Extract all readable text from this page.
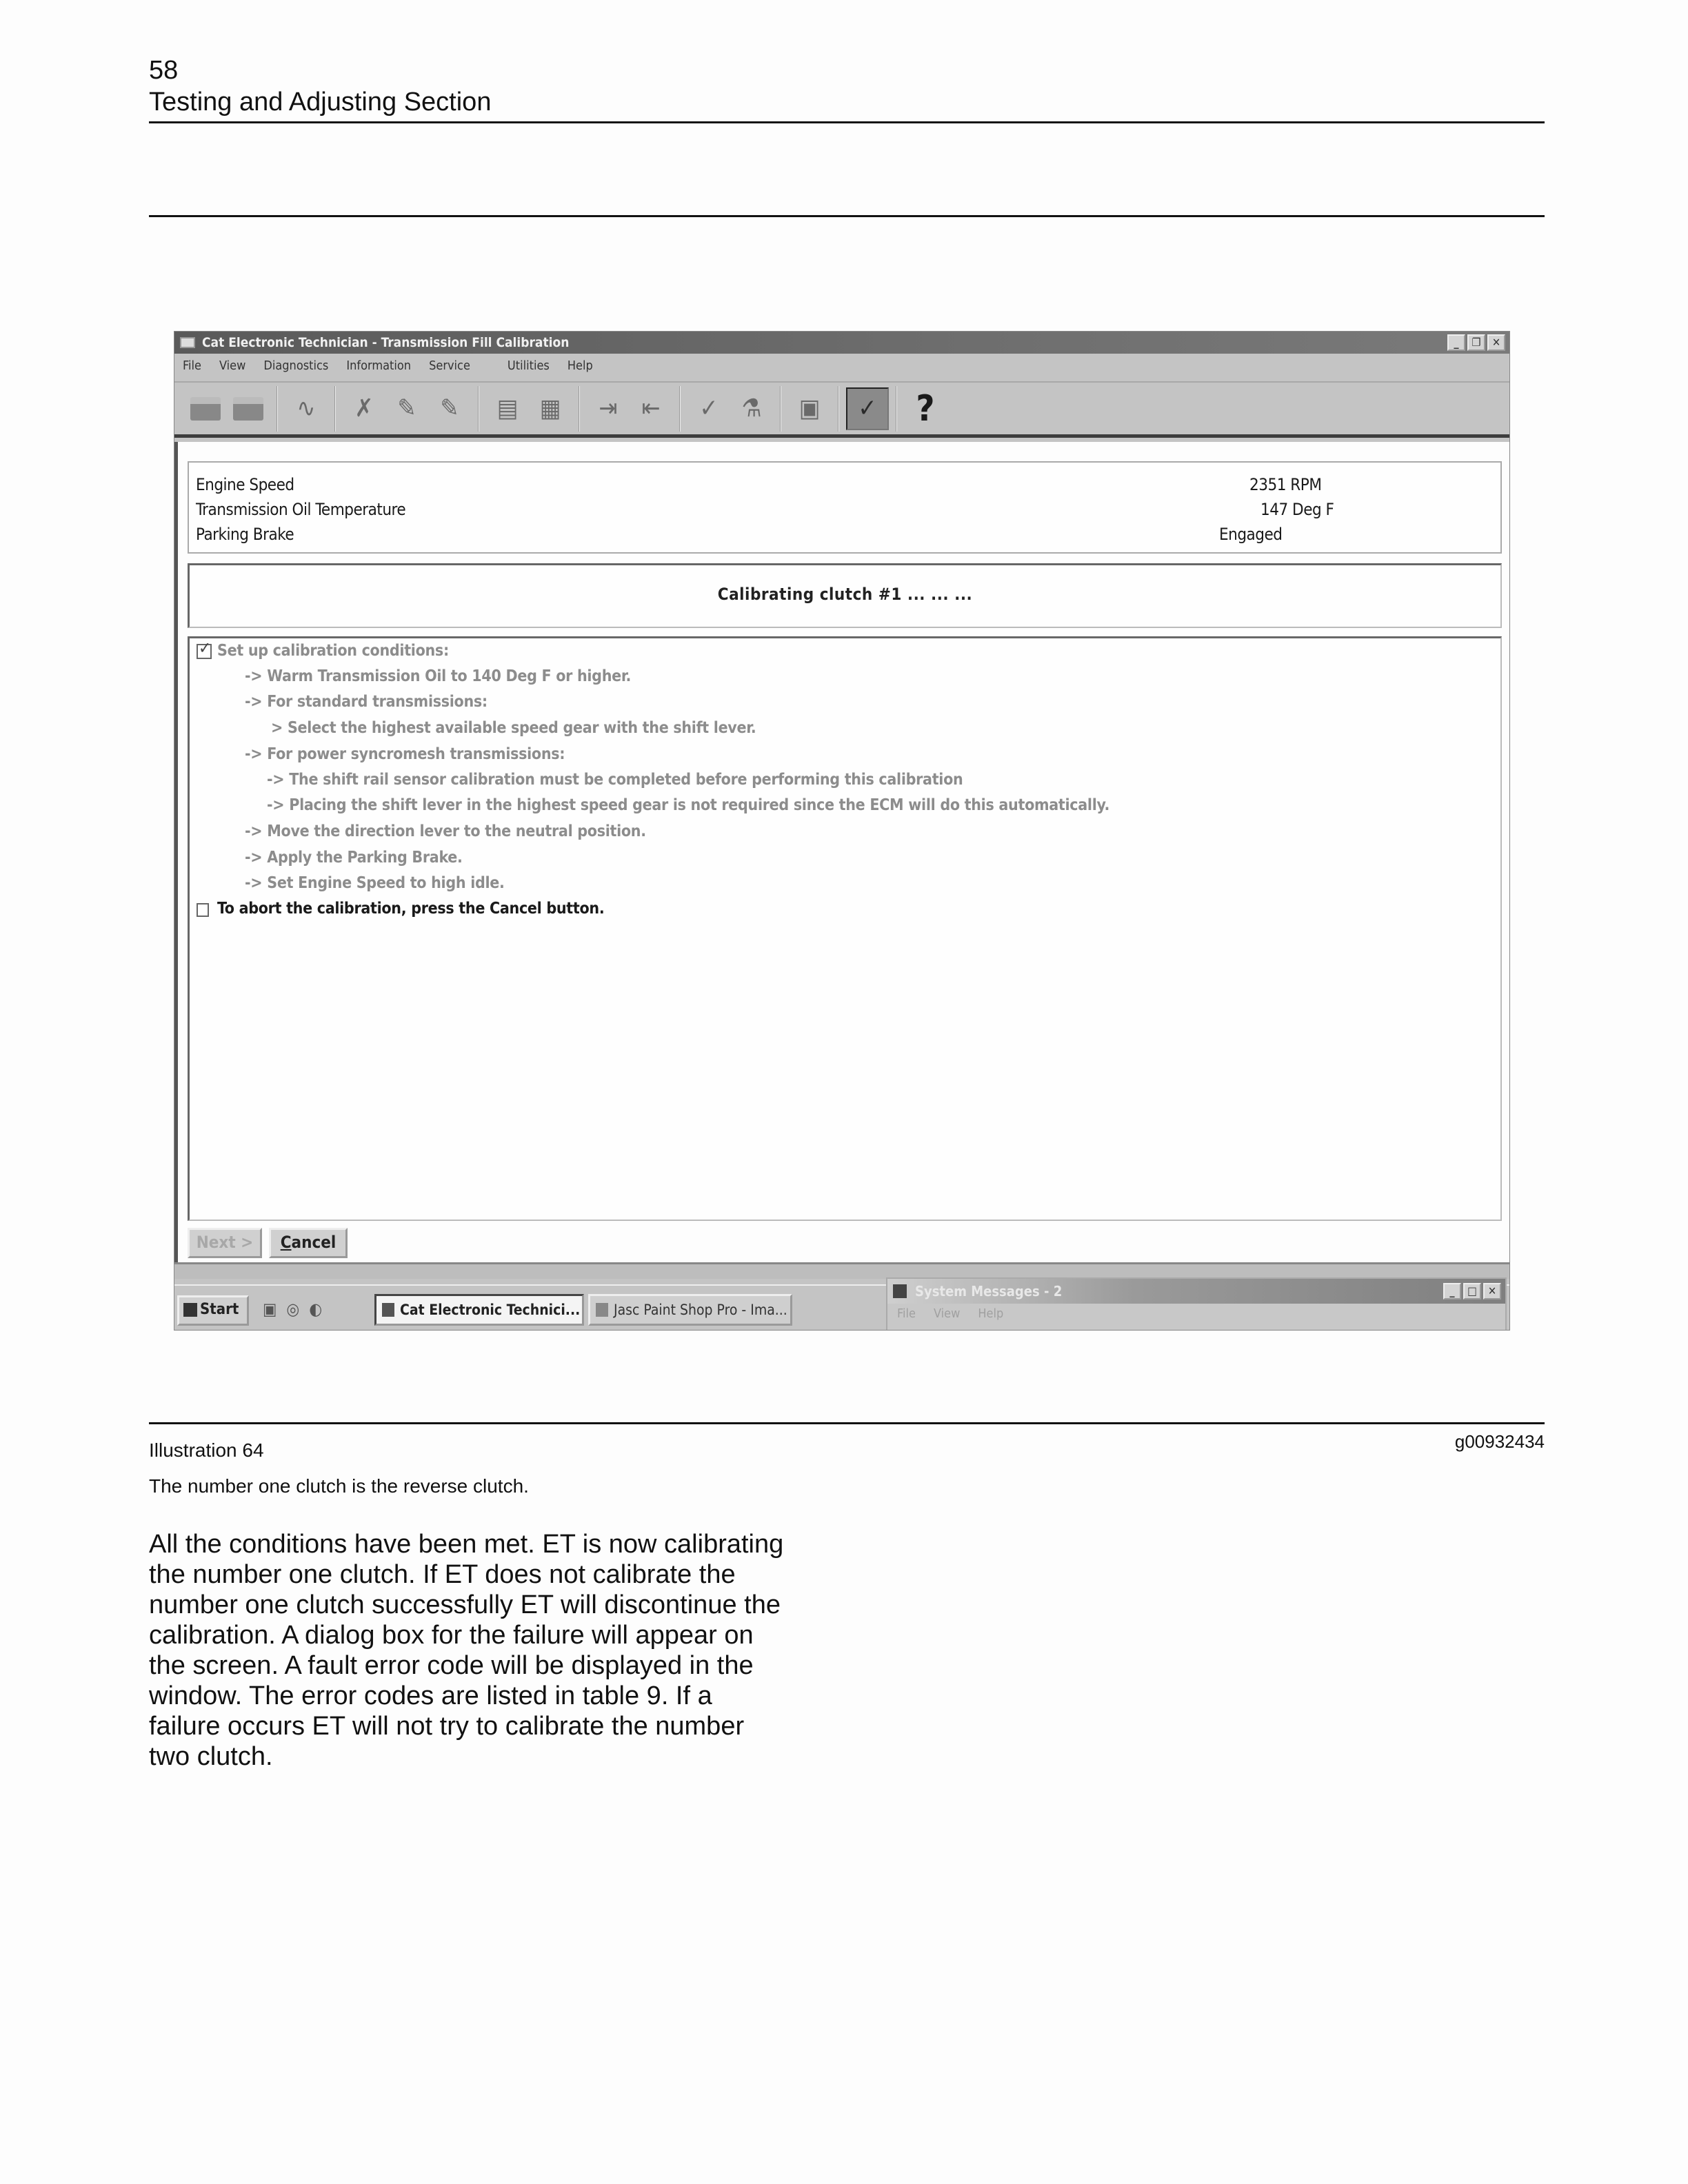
58
Testing and Adjusting Section
Cat Electronic Technician - Transmission Fill Calibration	_	❐	✕
File View Diagnostics Information Service	Utilities Help
∿	✗ ✎ ✎	▤ ▦	⇥ ⇤	✓ ⚗	▣	✓	?
Engine Speed	2351 RPM
Transmission Oil Temperature	147 Deg F
Parking Brake	Engaged
Calibrating clutch #1 ... ... ...
✓
Set up calibration conditions:
-> Warm Transmission Oil to 140 Deg F or higher.
-> For standard transmissions:
> Select the highest available speed gear with the shift lever.
-> For power syncromesh transmissions:
-> The shift rail sensor calibration must be completed before performing this calibration
-> Placing the shift lever in the highest speed gear is not required since the ECM will do this automatically.
-> Move the direction lever to the neutral position.
-> Apply the Parking Brake.
-> Set Engine Speed to high idle.
To abort the calibration, press the Cancel button.
Next >	Cancel
Start	▣ ◎ ◐	Cat Electronic Technici...	Jasc Paint Shop Pro - Ima...
System Messages - 2	_	□	✕
File View Help
Illustration 64	g00932434
The number one clutch is the reverse clutch.
All the conditions have been met. ET is now calibrating the number one clutch. If ET does not calibrate the number one clutch successfully ET will discontinue the calibration. A dialog box for the failure will appear on the screen. A fault error code will be displayed in the window. The error codes are listed in table 9. If a failure occurs ET will not try to calibrate the number two clutch.
